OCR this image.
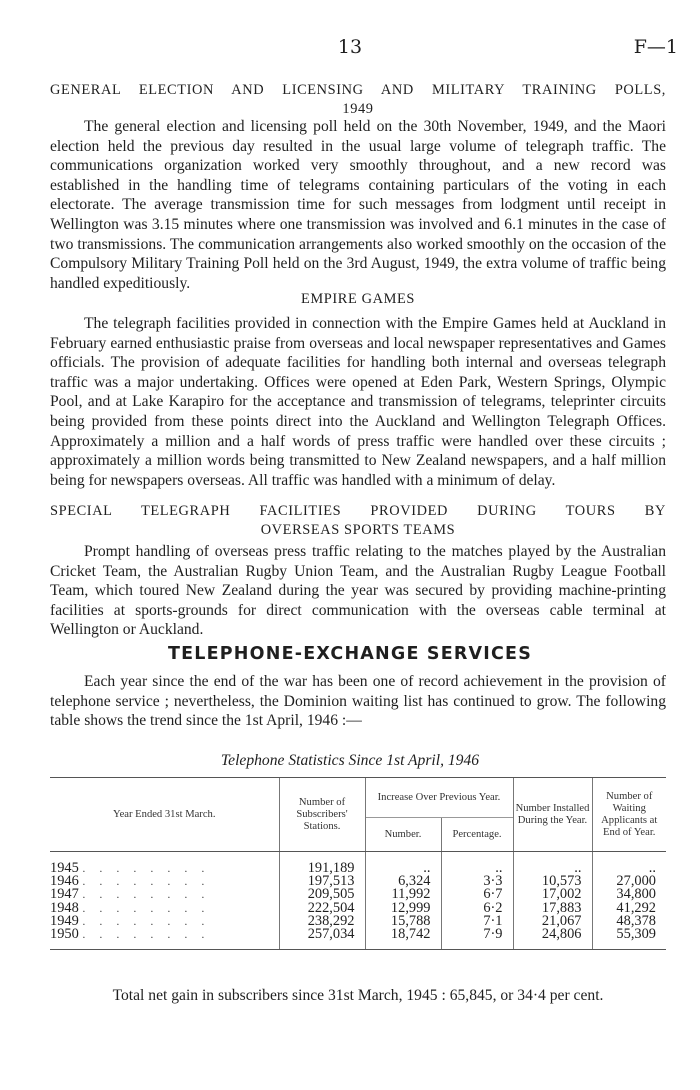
13	F—1
GENERAL ELECTION AND LICENSING AND MILITARY TRAINING POLLS,
1949

The general election and licensing poll held on the 30th November, 1949, and the Maori election held the previous day resulted in the usual large volume of telegraph traffic. The communications organization worked very smoothly throughout, and a new record was established in the handling time of telegrams containing particulars of the voting in each electorate. The average transmission time for such messages from lodgment until receipt in Wellington was 3.15 minutes where one transmission was involved and 6.1 minutes in the case of two transmissions. The communication arrangements also worked smoothly on the occasion of the Compulsory Military Training Poll held on the 3rd August, 1949, the extra volume of traffic being handled expeditiously.

EMPIRE GAMES

The telegraph facilities provided in connection with the Empire Games held at Auckland in February earned enthusiastic praise from overseas and local newspaper representatives and Games officials. The provision of adequate facilities for handling both internal and overseas telegraph traffic was a major undertaking. Offices were opened at Eden Park, Western Springs, Olympic Pool, and at Lake Karapiro for the acceptance and transmission of telegrams, teleprinter circuits being provided from these points direct into the Auckland and Wellington Telegraph Offices. Approximately a million and a half words of press traffic were handled over these circuits ; approximately a million words being transmitted to New Zealand newspapers, and a half million being for newspapers overseas. All traffic was handled with a minimum of delay.

SPECIAL TELEGRAPH FACILITIES PROVIDED DURING TOURS BY
OVERSEAS SPORTS TEAMS

Prompt handling of overseas press traffic relating to the matches played by the Australian Cricket Team, the Australian Rugby Union Team, and the Australian Rugby League Football Team, which toured New Zealand during the year was secured by providing machine-printing facilities at sports-grounds for direct communication with the overseas cable terminal at Wellington or Auckland.

TELEPHONE-EXCHANGE SERVICES

Each year since the end of the war has been one of record achievement in the provision of telephone service ; nevertheless, the Dominion waiting list has continued to grow. The following table shows the trend since the 1st April, 1946 :—

Telephone Statistics Since 1st April, 1946
Year Ended 31st March.	Number of Subscribers' Stations.	Increase Over Previous Year.		Number Installed During the Year.	Number of Waiting Applicants at End of Year.
		Number.	Percentage.		
1945 ........	191,189	..	..	..	..
1946 ........	197,513	6,324	3·3	10,573	27,000
1947 ........	209,505	11,992	6·7	17,002	34,800
1948 ........	222,504	12,999	6·2	17,883	41,292
1949 ........	238,292	15,788	7·1	21,067	48,378
1950 ........	257,034	18,742	7·9	24,806	55,309
Total net gain in subscribers since 31st March, 1945 : 65,845, or 34·4 per cent.
